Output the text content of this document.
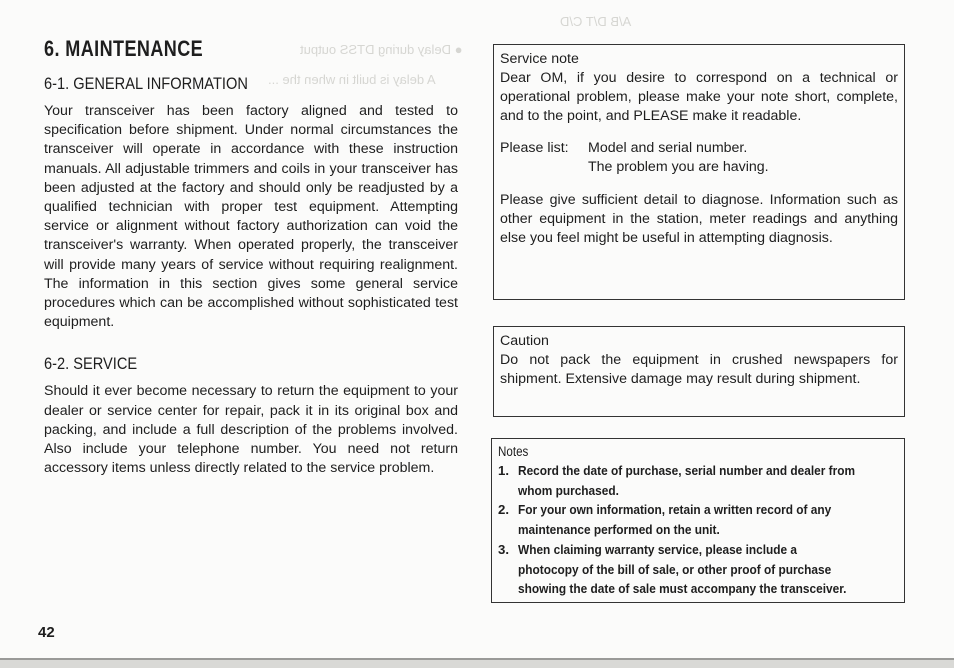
● Delay during DTSS output
A delay is built in when the ...
A/B D/T C/D
6. MAINTENANCE
6-1. GENERAL INFORMATION

Your transceiver has been factory aligned and tested to specification before shipment. Under normal circumstances the transceiver will operate in accordance with these instruction manuals. All adjustable trimmers and coils in your transceiver has been adjusted at the factory and should only be readjusted by a qualified technician with proper test equipment. Attempting service or alignment without factory authorization can void the transceiver's warranty. When operated properly, the transceiver will provide many years of service without requiring realignment. The information in this section gives some general service procedures which can be accomplished without sophisticated test equipment.

6-2. SERVICE

Should it ever become necessary to return the equipment to your dealer or service center for repair, pack it in its original box and packing, and include a full description of the problems involved. Also include your telephone number. You need not return accessory items unless directly related to the service problem.

42
Service note

Dear OM, if you desire to correspond on a technical or operational problem, please make your note short, complete, and to the point, and PLEASE make it readable.

Please list:	Model and serial number.
The problem you are having.

Please give sufficient detail to diagnose. Information such as other equipment in the station, meter readings and anything else you feel might be useful in attempting diagnosis.

Caution

Do not pack the equipment in crushed newspapers for shipment. Extensive damage may result during shipment.

Notes
1. Record the date of purchase, serial number and dealer from whom purchased.
2. For your own information, retain a written record of any maintenance performed on the unit.
3. When claiming warranty service, please include a photocopy of the bill of sale, or other proof of purchase showing the date of sale must accompany the transceiver.
